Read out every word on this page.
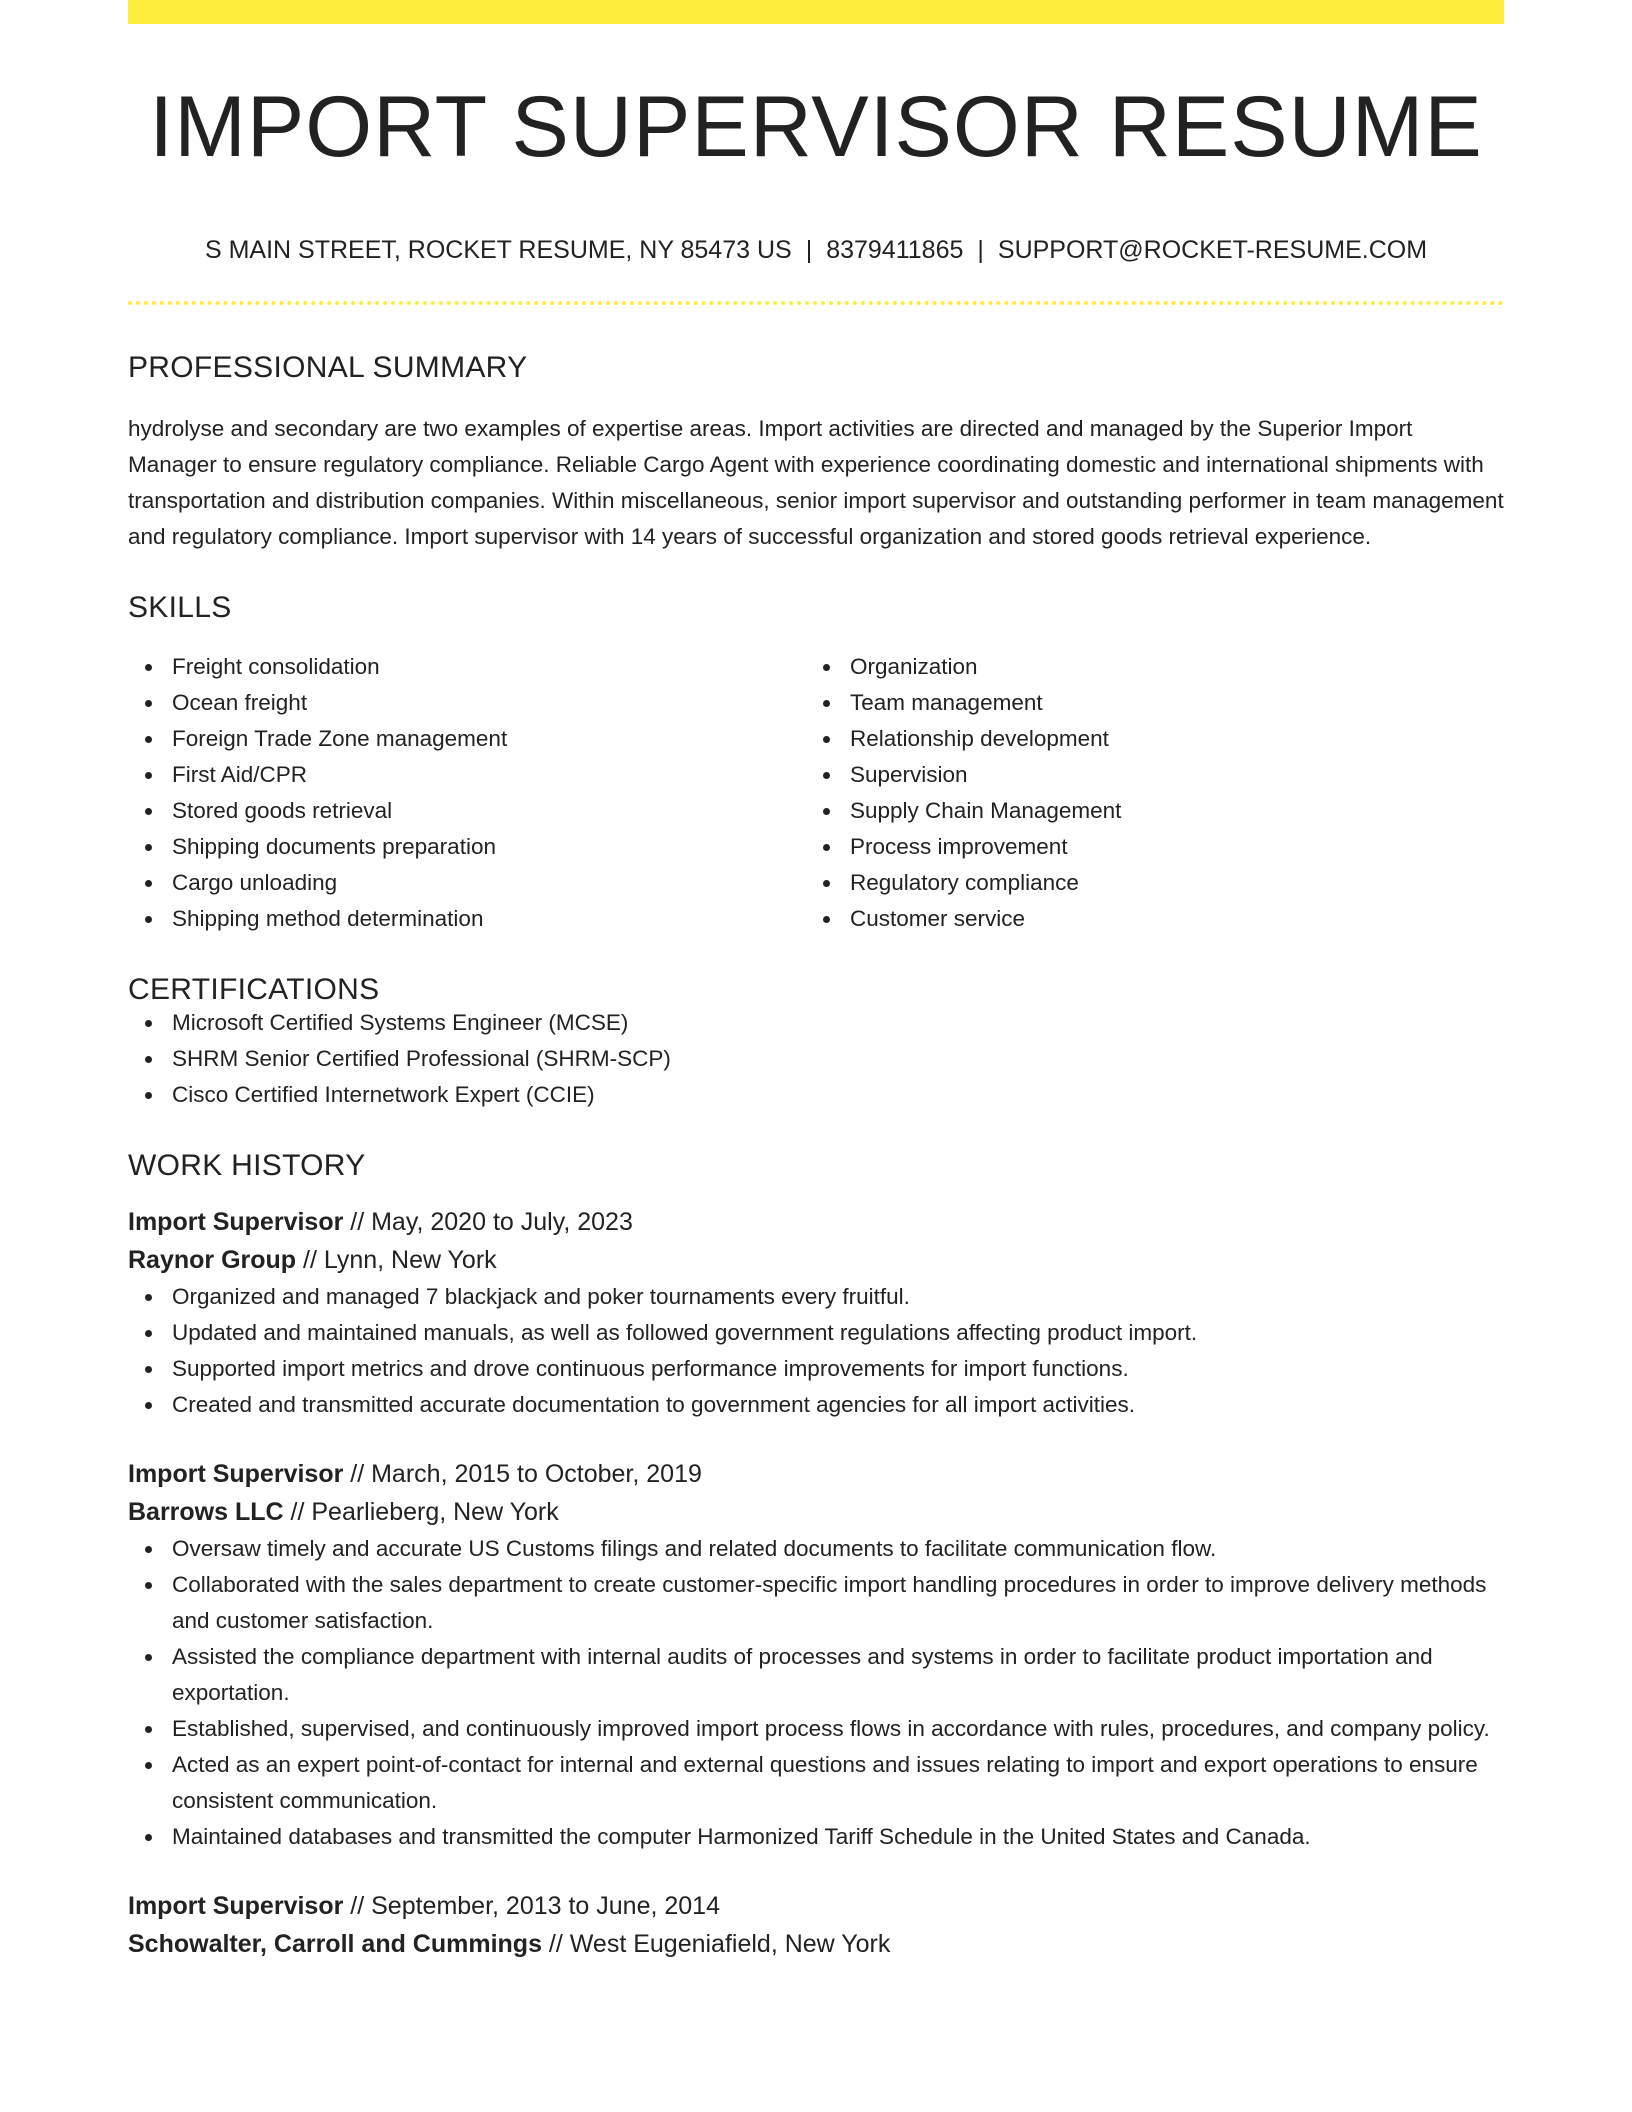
IMPORT SUPERVISOR RESUME
S MAIN STREET, ROCKET RESUME, NY 85473 US | 8379411865 | SUPPORT@ROCKET-RESUME.COM
PROFESSIONAL SUMMARY

hydrolyse and secondary are two examples of expertise areas. Import activities are directed and managed by the Superior Import Manager to ensure regulatory compliance. Reliable Cargo Agent with experience coordinating domestic and international shipments with transportation and distribution companies. Within miscellaneous, senior import supervisor and outstanding performer in team management and regulatory compliance. Import supervisor with 14 years of successful organization and stored goods retrieval experience.

SKILLS
Freight consolidation
Ocean freight
Foreign Trade Zone management
First Aid/CPR
Stored goods retrieval
Shipping documents preparation
Cargo unloading
Shipping method determination
Organization
Team management
Relationship development
Supervision
Supply Chain Management
Process improvement
Regulatory compliance
Customer service
CERTIFICATIONS
Microsoft Certified Systems Engineer (MCSE)
SHRM Senior Certified Professional (SHRM-SCP)
Cisco Certified Internetwork Expert (CCIE)
WORK HISTORY
Import Supervisor // May, 2020 to July, 2023
Raynor Group // Lynn, New York
Organized and managed 7 blackjack and poker tournaments every fruitful.
Updated and maintained manuals, as well as followed government regulations affecting product import.
Supported import metrics and drove continuous performance improvements for import functions.
Created and transmitted accurate documentation to government agencies for all import activities.
Import Supervisor // March, 2015 to October, 2019
Barrows LLC // Pearlieberg, New York
Oversaw timely and accurate US Customs filings and related documents to facilitate communication flow.
Collaborated with the sales department to create customer-specific import handling procedures in order to improve delivery methods and customer satisfaction.
Assisted the compliance department with internal audits of processes and systems in order to facilitate product importation and exportation.
Established, supervised, and continuously improved import process flows in accordance with rules, procedures, and company policy.
Acted as an expert point-of-contact for internal and external questions and issues relating to import and export operations to ensure consistent communication.
Maintained databases and transmitted the computer Harmonized Tariff Schedule in the United States and Canada.
Import Supervisor // September, 2013 to June, 2014
Schowalter, Carroll and Cummings // West Eugeniafield, New York
